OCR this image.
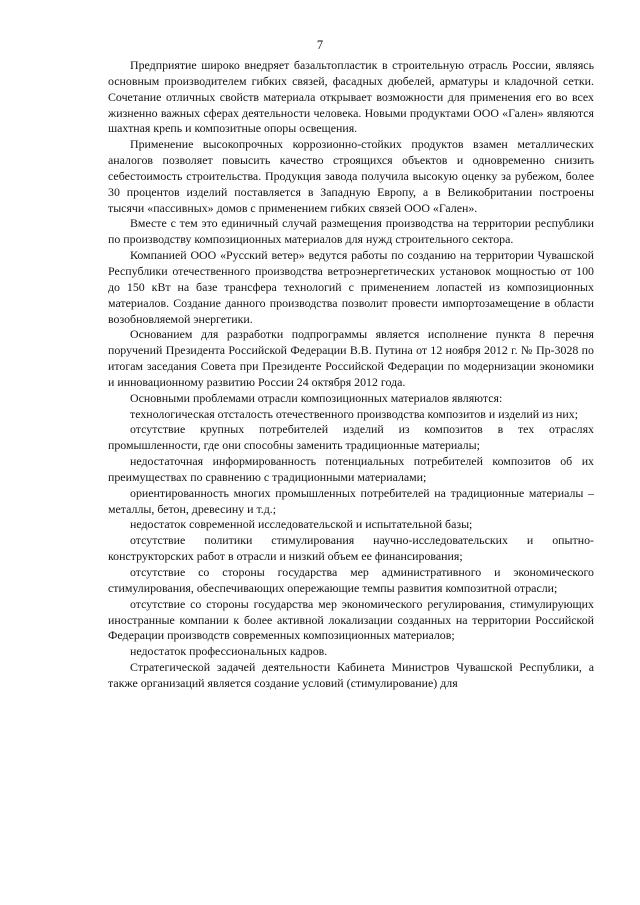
7

Предприятие широко внедряет базальтопластик в строительную отрасль России, являясь основным производителем гибких связей, фасадных дюбелей, арматуры и кладочной сетки. Сочетание отличных свойств материала открывает возможности для применения его во всех жизненно важных сферах деятельности человека. Новыми продуктами ООО «Гален» являются шахтная крепь и композитные опоры освещения.

Применение высокопрочных коррозионно-стойких продуктов взамен металлических аналогов позволяет повысить качество строящихся объектов и одновременно снизить себестоимость строительства. Продукция завода получила высокую оценку за рубежом, более 30 процентов изделий поставляется в Западную Европу, а в Великобритании построены тысячи «пассивных» домов с применением гибких связей ООО «Гален».

Вместе с тем это единичный случай размещения производства на территории республики по производству композиционных материалов для нужд строительного сектора.

Компанией ООО «Русский ветер» ведутся работы по созданию на территории Чувашской Республики отечественного производства ветроэнергетических установок мощностью от 100 до 150 кВт на базе трансфера технологий с применением лопастей из композиционных материалов. Создание данного производства позволит провести импортозамещение в области возобновляемой энергетики.

Основанием для разработки подпрограммы является исполнение пункта 8 перечня поручений Президента Российской Федерации В.В. Путина от 12 ноября 2012 г. № Пр-3028 по итогам заседания Совета при Президенте Российской Федерации по модернизации экономики и инновационному развитию России 24 октября 2012 года.

Основными проблемами отрасли композиционных материалов являются:

технологическая отсталость отечественного производства композитов и изделий из них;

отсутствие крупных потребителей изделий из композитов в тех отраслях промышленности, где они способны заменить традиционные материалы;

недостаточная информированность потенциальных потребителей композитов об их преимуществах по сравнению с традиционными материалами;

ориентированность многих промышленных потребителей на традиционные материалы – металлы, бетон, древесину и т.д.;

недостаток современной исследовательской и испытательной базы;

отсутствие политики стимулирования научно-исследовательских и опытно-конструкторских работ в отрасли и низкий объем ее финансирования;

отсутствие со стороны государства мер административного и экономического стимулирования, обеспечивающих опережающие темпы развития композитной отрасли;

отсутствие со стороны государства мер экономического регулирования, стимулирующих иностранные компании к более активной локализации созданных на территории Российской Федерации производств современных композиционных материалов;

недостаток профессиональных кадров.

Стратегической задачей деятельности Кабинета Министров Чувашской Республики, а также организаций является создание условий (стимулирование) для
